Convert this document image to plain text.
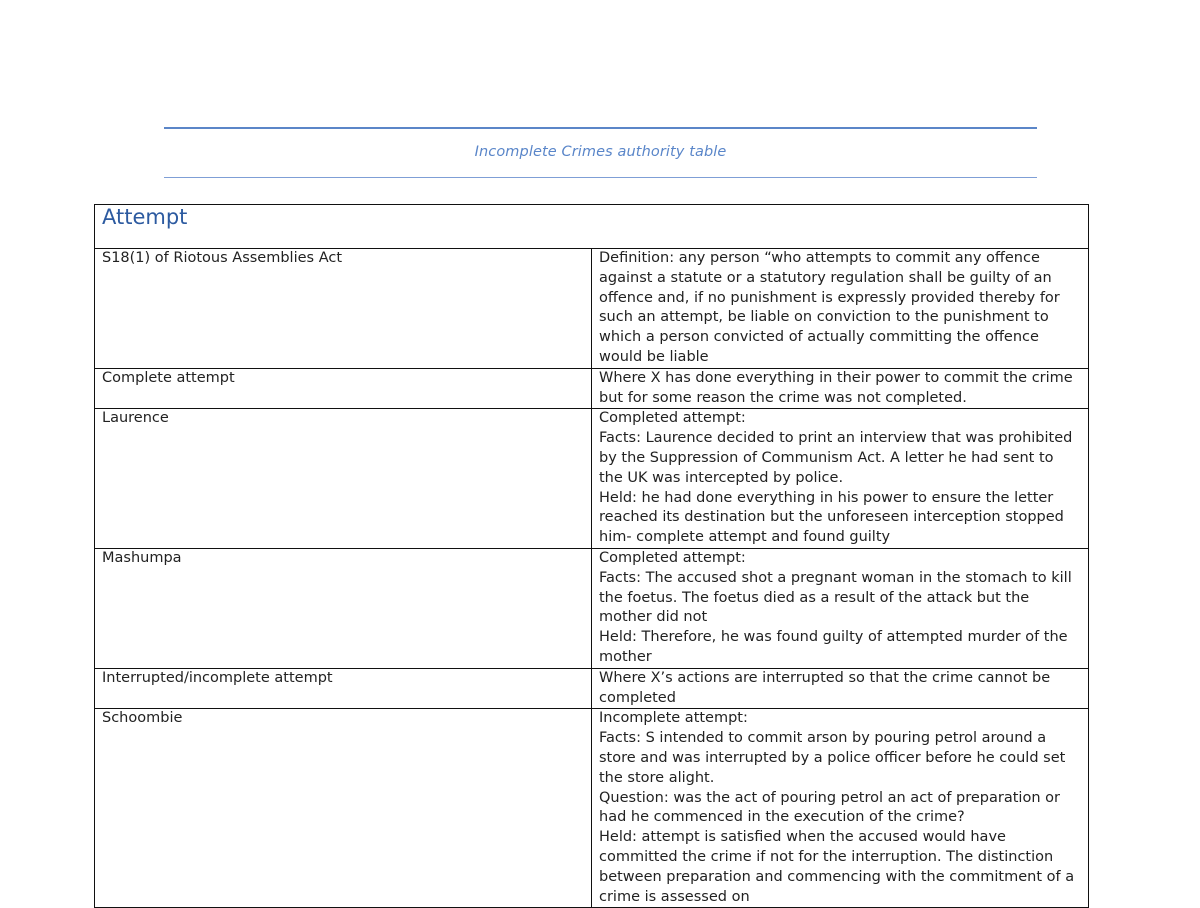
Incomplete Crimes authority table
Attempt	

S18(1) of Riotous Assemblies Act	Definition: any person “who attempts to commit any offence against a statute or a statutory regulation shall be guilty of an offence and, if no punishment is expressly provided thereby for such an attempt, be liable on conviction to the punishment to which a person convicted of actually committing the offence would be liable

Complete attempt	Where X has done everything in their power to commit the crime but for some reason the crime was not completed.

Laurence	Completed attempt:
Facts: Laurence decided to print an interview that was prohibited by the Suppression of Communism Act. A letter he had sent to the UK was intercepted by police.
Held: he had done everything in his power to ensure the letter reached its destination but the unforeseen interception stopped him- complete attempt and found guilty

Mashumpa	Completed attempt:
Facts: The accused shot a pregnant woman in the stomach to kill the foetus. The foetus died as a result of the attack but the mother did not
Held: Therefore, he was found guilty of attempted murder of the mother

Interrupted/incomplete attempt	Where X’s actions are interrupted so that the crime cannot be completed

Schoombie	Incomplete attempt:
Facts: S intended to commit arson by pouring petrol around a store and was interrupted by a police officer before he could set the store alight.
Question: was the act of pouring petrol an act of preparation or had he commenced in the execution of the crime?
Held: attempt is satisfied when the accused would have committed the crime if not for the interruption. The distinction between preparation and commencing with the commitment of a crime is assessed on
